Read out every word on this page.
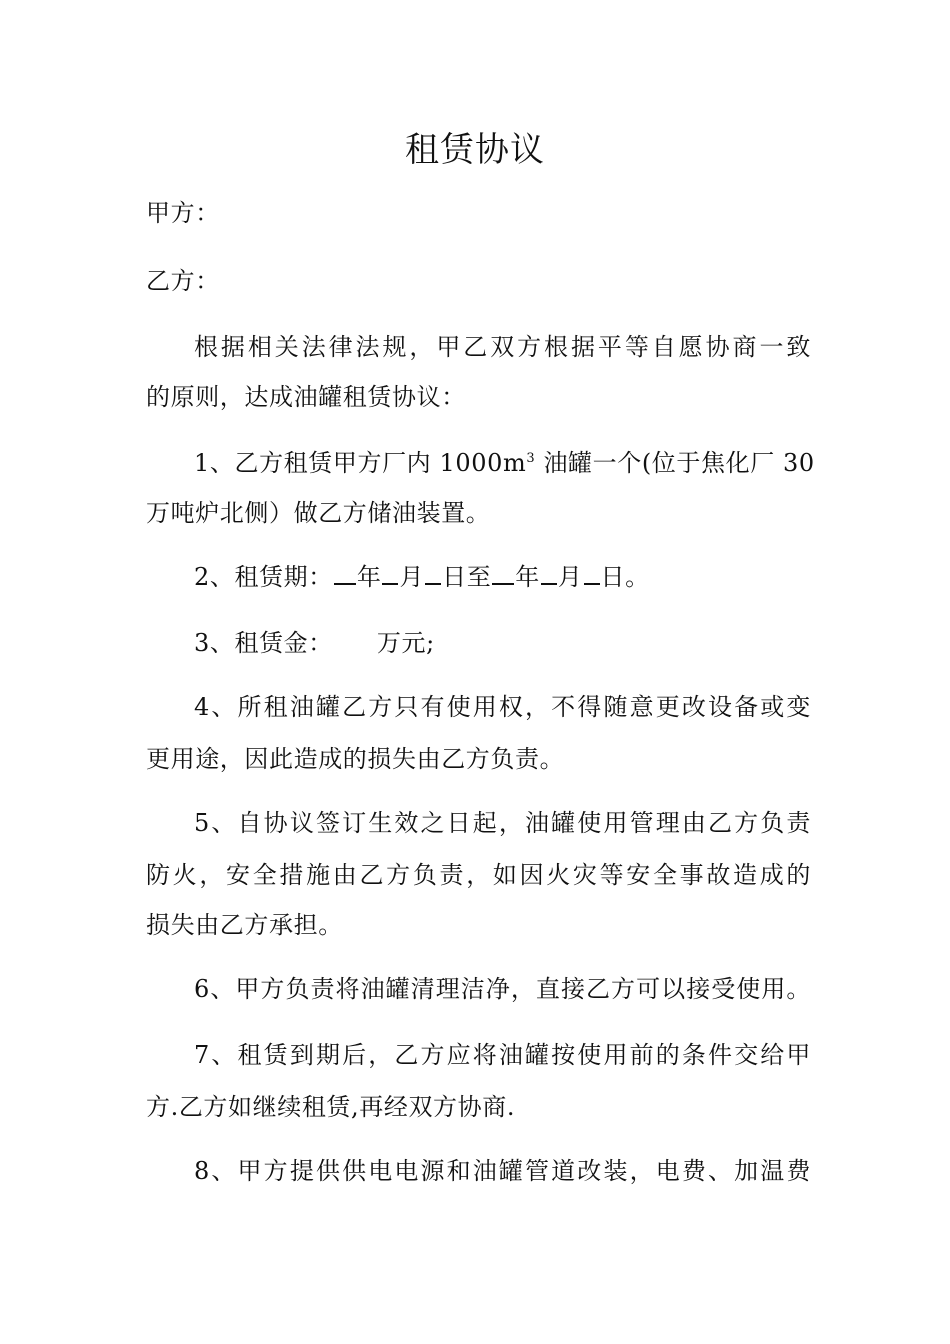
租赁协议
甲方：
乙方：
根据相关法律法规，甲乙双方根据平等自愿协商一致
的原则，达成油罐租赁协议：
1、乙方租赁甲方厂内 $1000m^3$ 油罐一个(位于焦化厂 30
万吨炉北侧）做乙方储油装置。
2、租赁期： 年 月 日至 年 月 日。
3、租赁金： 万元;
4、所租油罐乙方只有使用权，不得随意更改设备或变
更用途，因此造成的损失由乙方负责。
5、自协议签订生效之日起，油罐使用管理由乙方负责
防火，安全措施由乙方负责，如因火灾等安全事故造成的
损失由乙方承担。
6、甲方负责将油罐清理洁净，直接乙方可以接受使用。
7、租赁到期后，乙方应将油罐按使用前的条件交给甲
方.乙方如继续租赁,再经双方协商.
8、甲方提供供电电源和油罐管道改装，电费、加温费
